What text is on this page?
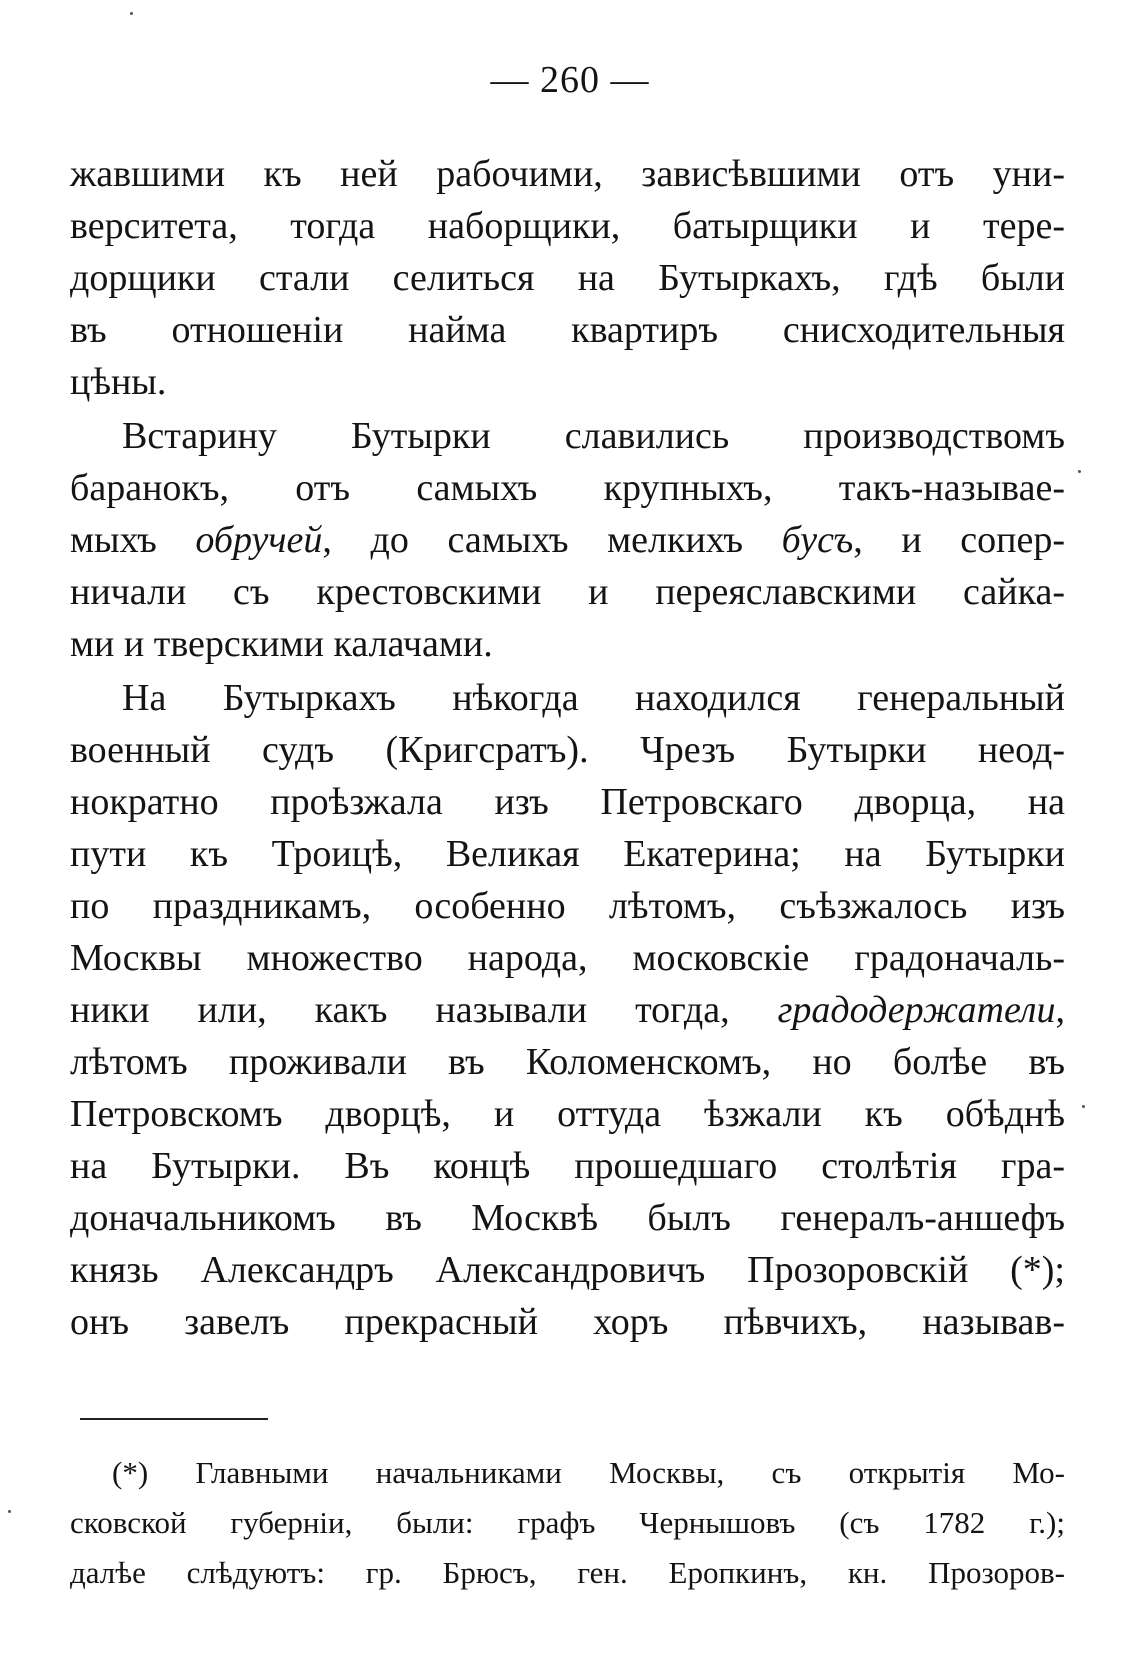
— 260 —
жавшими къ ней рабочими, зависѣвшими отъ уни-
верситета, тогда наборщики, батырщики и тере-
дорщики стали селиться на Бутыркахъ, гдѣ были
въ отношеніи найма квартиръ снисходительныя
цѣны.
Встарину Бутырки славились производствомъ
баранокъ, отъ самыхъ крупныхъ, такъ-называе-
мыхъ обручей, до самыхъ мелкихъ бусъ, и сопер-
ничали съ крестовскими и переяславскими сайка-
ми и тверскими калачами.
На Бутыркахъ нѣкогда находился генеральный
военный судъ (Кригсратъ). Чрезъ Бутырки неод-
нократно проѣзжала изъ Петровскаго дворца, на
пути къ Троицѣ, Великая Екатерина; на Бутырки
по праздникамъ, особенно лѣтомъ, съѣзжалось изъ
Москвы множество народа, московскіе градоначаль-
ники или, какъ называли тогда, градодержатели,
лѣтомъ проживали въ Коломенскомъ, но болѣе въ
Петровскомъ дворцѣ, и оттуда ѣзжали къ обѣднѣ
на Бутырки. Въ концѣ прошедшаго столѣтія гра-
доначальникомъ въ Москвѣ былъ генералъ-аншефъ
князь Александръ Александровичъ Прозоровскій (*);
онъ завелъ прекрасный хоръ пѣвчихъ, называв-
(*) Главными начальниками Москвы, съ открытія Мо-
сковской губерніи, были: графъ Чернышовъ (съ 1782 г.);
далѣе слѣдуютъ: гр. Брюсъ, ген. Еропкинъ, кн. Прозоров-
